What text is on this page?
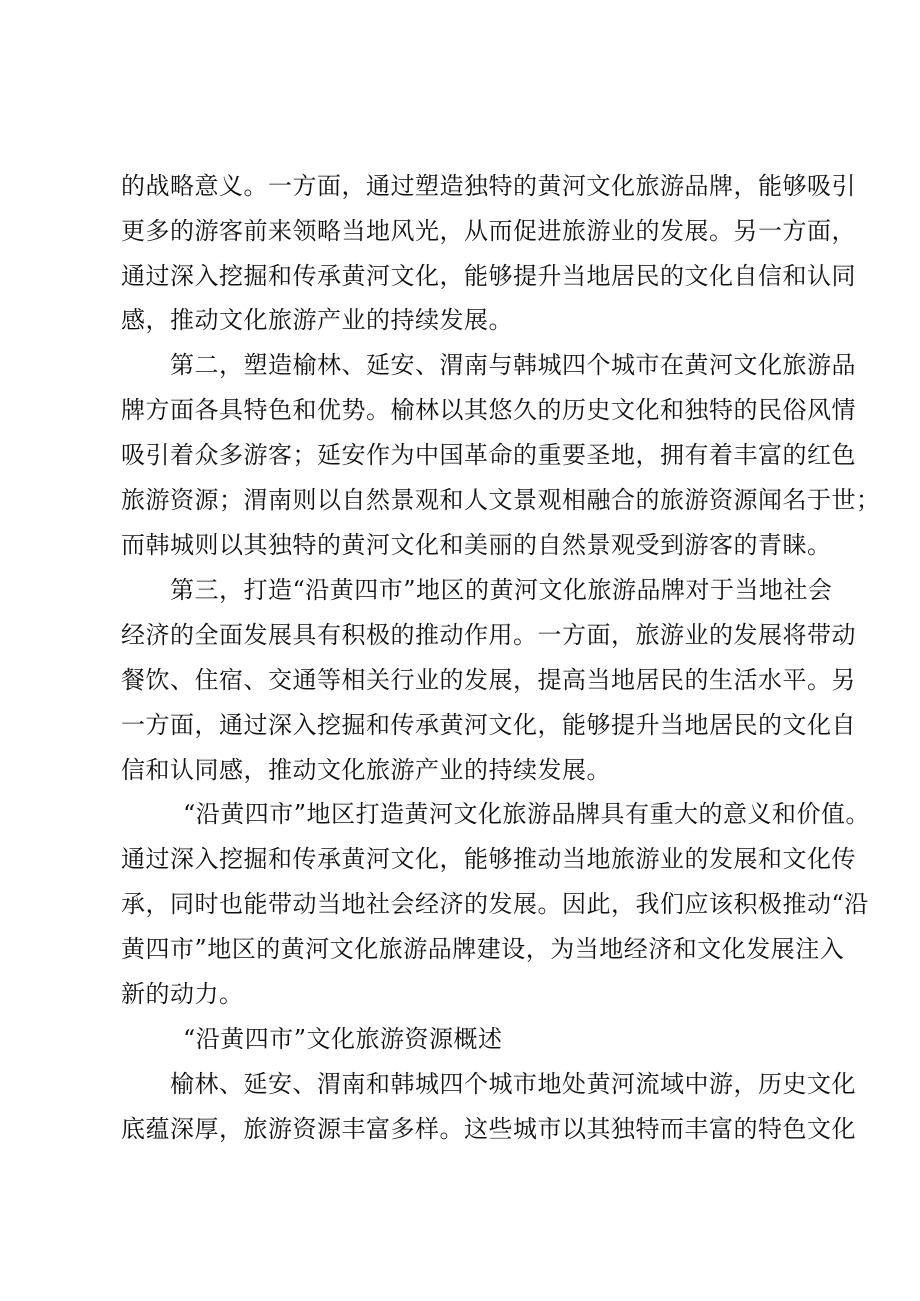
的战略意义。一方面，通过塑造独特的黄河文化旅游品牌，能够吸引
更多的游客前来领略当地风光，从而促进旅游业的发展。另一方面，
通过深入挖掘和传承黄河文化，能够提升当地居民的文化自信和认同
感，推动文化旅游产业的持续发展。
第二，塑造榆林、延安、渭南与韩城四个城市在黄河文化旅游品
牌方面各具特色和优势。榆林以其悠久的历史文化和独特的民俗风情
吸引着众多游客；延安作为中国革命的重要圣地，拥有着丰富的红色
旅游资源；渭南则以自然景观和人文景观相融合的旅游资源闻名于世；
而韩城则以其独特的黄河文化和美丽的自然景观受到游客的青睐。
第三，打造“沿黄四市”地区的黄河文化旅游品牌对于当地社会
经济的全面发展具有积极的推动作用。一方面，旅游业的发展将带动
餐饮、住宿、交通等相关行业的发展，提高当地居民的生活水平。另
一方面，通过深入挖掘和传承黄河文化，能够提升当地居民的文化自
信和认同感，推动文化旅游产业的持续发展。
“沿黄四市”地区打造黄河文化旅游品牌具有重大的意义和价值。
通过深入挖掘和传承黄河文化，能够推动当地旅游业的发展和文化传
承，同时也能带动当地社会经济的发展。因此，我们应该积极推动“沿
黄四市”地区的黄河文化旅游品牌建设，为当地经济和文化发展注入
新的动力。
“沿黄四市”文化旅游资源概述
榆林、延安、渭南和韩城四个城市地处黄河流域中游，历史文化
底蕴深厚，旅游资源丰富多样。这些城市以其独特而丰富的特色文化
